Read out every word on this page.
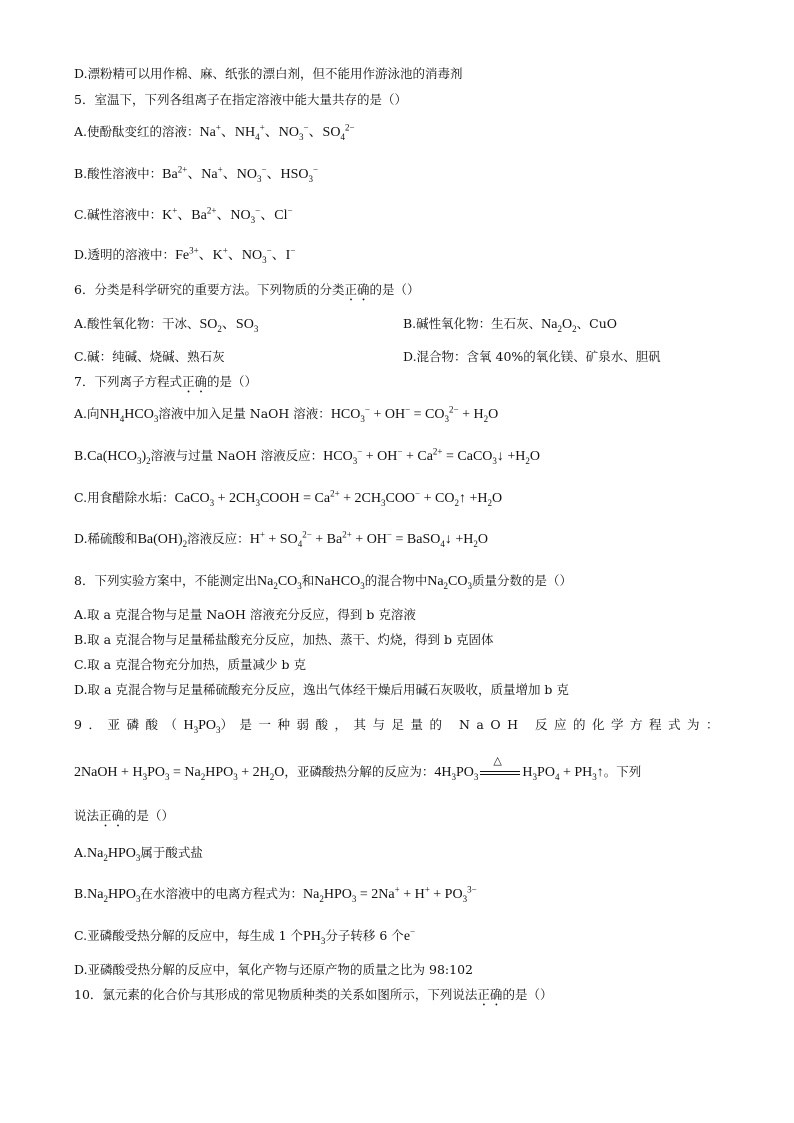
D.漂粉精可以用作棉、麻、纸张的漂白剂，但不能用作游泳池的消毒剂
5．室温下，下列各组离子在指定溶液中能大量共存的是（）
A.使酚酞变红的溶液：Na+、$NH_4^+$、$NO_3^-$、$SO_4^{2-}$
B.酸性溶液中：$Ba^{2+}$、Na+、$NO_3^-$、$HSO_3^-$
C.碱性溶液中：K+、$Ba^{2+}$、$NO_3^-$、Cl−
D.透明的溶液中：$Fe^{3+}$、K+、$NO_3^-$、I−
6．分类是科学研究的重要方法。下列物质的分类正确的是（）
A.酸性氧化物：干冰、$SO_2$、$SO_3$	B.碱性氧化物：生石灰、$Na_2O_2$、CuO
C.碱：纯碱、烧碱、熟石灰	D.混合物：含氧 40%的氧化镁、矿泉水、胆矾
7．下列离子方程式正确的是（）
A.向$NH_4HCO_3$溶液中加入足量 NaOH 溶液：$HCO_3^- + OH^- = CO_3^{2-} + H_2O$
$B.Ca(HCO_3)_2$溶液与过量 NaOH 溶液反应：$HCO_3^- + OH^- + Ca^{2+}$ = CaCO$_3$↓ $+H_2O$
C.用食醋除水垢：CaCO$_3$ + $2CH_3COOH = Ca^{2+} + 2CH_3COO^-$ + $CO_2↑ +H_2O$
D.稀硫酸和$Ba(OH)_2$溶液反应：$H^+ + SO_4^{2-} + Ba^{2+} + OH^-$ = BaSO$_4$↓ $+H_2O$
8．下列实验方案中，不能测定出$Na_2CO_3$和NaHCO$_3$的混合物中$Na_2CO_3$质量分数的是（）
A.取 a 克混合物与足量 NaOH 溶液充分反应，得到 b 克溶液
B.取 a 克混合物与足量稀盐酸充分反应，加热、蒸干、灼烧，得到 b 克固体
C.取 a 克混合物充分加热，质量减少 b 克
D.取 a 克混合物与足量稀硫酸充分反应，逸出气体经干燥后用碱石灰吸收，质量增加 b 克
9．亚磷酸$(H_3PO_3)$是一种弱酸，其与足量的 NaOH 反应的化学方程式为：
2NaOH + $H_3PO_3 = Na_2HPO_3 + 2H_2O$，亚磷酸热分解的反应为：$4H_3PO_3$
△
$H_3PO_4$ + $PH_3↑$。下列
说法正确的是（）
$A.Na_2HPO_3$属于酸式盐
$B.Na_2HPO_3$在水溶液中的电离方程式为：$Na_2HPO_3 = 2Na^+ + H^+ + PO_3^{3-}$
C.亚磷酸受热分解的反应中，每生成 1 个$PH_3$分子转移 6 个e−
D.亚磷酸受热分解的反应中，氧化产物与还原产物的质量之比为 98:102
10．氯元素的化合价与其形成的常见物质种类的关系如图所示，下列说法正确的是（）
